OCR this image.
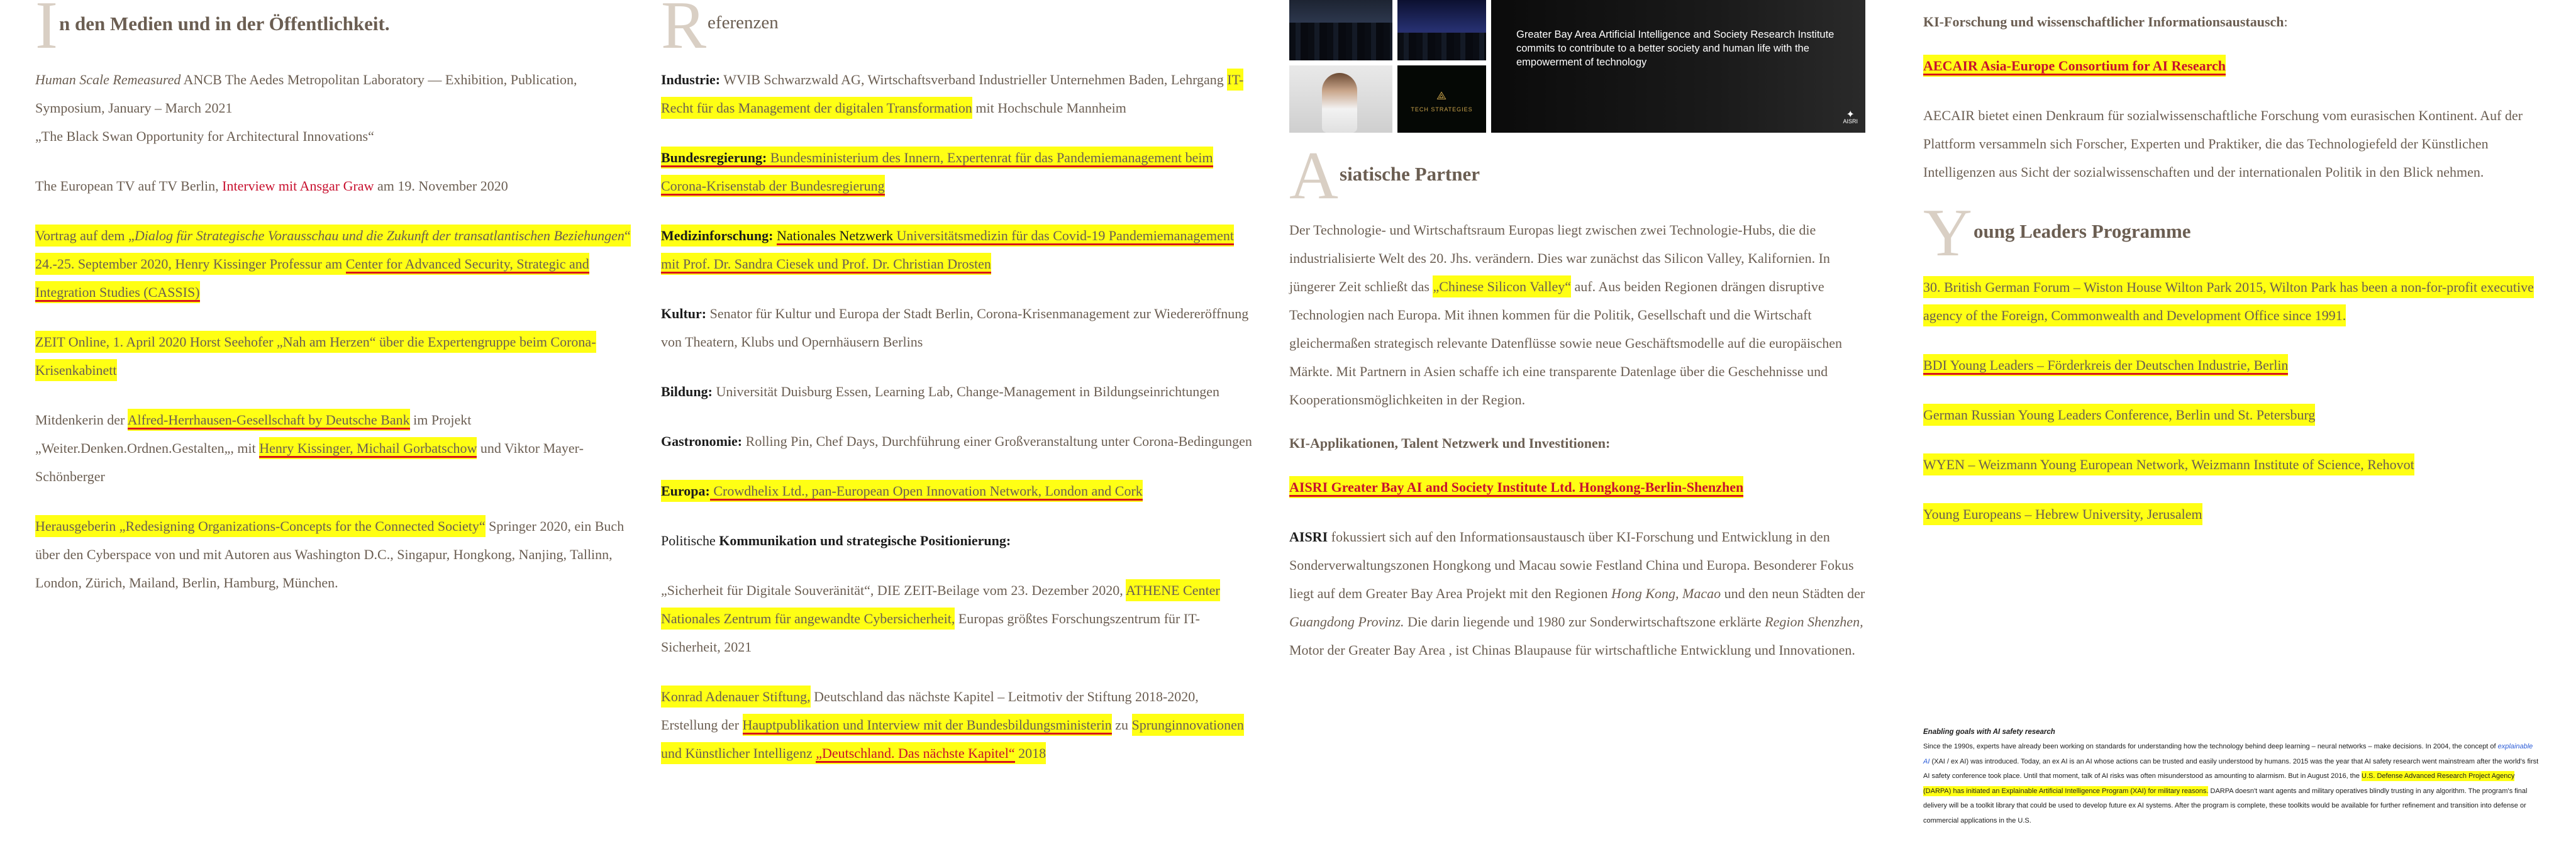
I n den Medien und in der Öffentlichkeit.

Human Scale Remeasured ANCB The Aedes Metropolitan Laboratory — Exhibition, Publication, Symposium, January – March 2021
„The Black Swan Opportunity for Architectural Innovations“

The European TV auf TV Berlin, Interview mit Ansgar Graw am 19. November 2020

Vortrag auf dem „Dialog für Strategische Vorausschau und die Zukunft der transatlantischen Beziehungen“ 24.-25. September 2020, Henry Kissinger Professur am Center for Advanced Security, Strategic and Integration Studies (CASSIS)

ZEIT Online, 1. April 2020 Horst Seehofer „Nah am Herzen“ über die Expertengruppe beim Corona-Krisenkabinett

Mitdenkerin der Alfred-Herrhausen-Gesellschaft by Deutsche Bank im Projekt „Weiter.Denken.Ordnen.Gestalten„, mit Henry Kissinger, Michail Gorbatschow und Viktor Mayer-Schönberger

Herausgeberin „Redesigning Organizations-Concepts for the Connected Society“ Springer 2020, ein Buch über den Cyberspace von und mit Autoren aus Washington D.C., Singapur, Hongkong, Nanjing, Tallinn, London, Zürich, Mailand, Berlin, Hamburg, München.

R eferenzen

Industrie: WVIB Schwarzwald AG, Wirtschaftsverband Industrieller Unternehmen Baden, Lehrgang IT-Recht für das Management der digitalen Transformation mit Hochschule Mannheim

Bundesregierung: Bundesministerium des Innern, Expertenrat für das Pandemiemanagement beim Corona-Krisenstab der Bundesregierung

Medizinforschung: Nationales Netzwerk Universitätsmedizin für das Covid-19 Pandemiemanagement mit Prof. Dr. Sandra Ciesek und Prof. Dr. Christian Drosten

Kultur: Senator für Kultur und Europa der Stadt Berlin, Corona-Krisenmanagement zur Wiedereröffnung von Theatern, Klubs und Opernhäusern Berlins

Bildung: Universität Duisburg Essen, Learning Lab, Change-Management in Bildungseinrichtungen

Gastronomie: Rolling Pin, Chef Days, Durchführung einer Großveranstaltung unter Corona-Bedingungen

Europa: Crowdhelix Ltd., pan-European Open Innovation Network, London and Cork

Politische Kommunikation und strategische Positionierung:

„Sicherheit für Digitale Souveränität“, DIE ZEIT-Beilage vom 23. Dezember 2020, ATHENE Center Nationales Zentrum für angewandte Cybersicherheit, Europas größtes Forschungszentrum für IT-Sicherheit, 2021

Konrad Adenauer Stiftung, Deutschland das nächste Kapitel – Leitmotiv der Stiftung 2018-2020, Erstellung der Hauptpublikation und Interview mit der Bundesbildungsministerin zu Sprunginnovationen und Künstlicher Intelligenz „Deutschland. Das nächste Kapitel“ 2018

⟁
TECH STRATEGIES
Greater Bay Area Artificial Intelligence and Society Research Institute commits to contribute to a better society and human life with the empowerment of technology
✦
AISRI
A siatische Partner

Der Technologie- und Wirtschaftsraum Europas liegt zwischen zwei Technologie-Hubs, die die industrialisierte Welt des 20. Jhs. verändern. Dies war zunächst das Silicon Valley, Kalifornien. In jüngerer Zeit schließt das „Chinese Silicon Valley“ auf. Aus beiden Regionen drängen disruptive Technologien nach Europa. Mit ihnen kommen für die Politik, Gesellschaft und die Wirtschaft gleichermaßen strategisch relevante Datenflüsse sowie neue Geschäftsmodelle auf die europäischen Märkte. Mit Partnern in Asien schaffe ich eine transparente Datenlage über die Geschehnisse und Kooperationsmöglichkeiten in der Region.

KI-Applikationen, Talent Netzwerk und Investitionen:

AISRI Greater Bay AI and Society Institute Ltd. Hongkong-Berlin-Shenzhen

AISRI fokussiert sich auf den Informationsaustausch über KI-Forschung und Entwicklung in den Sonderverwaltungszonen Hongkong und Macau sowie Festland China und Europa. Besonderer Fokus liegt auf dem Greater Bay Area Projekt mit den Regionen Hong Kong, Macao und den neun Städten der Guangdong Provinz. Die darin liegende und 1980 zur Sonderwirtschaftszone erklärte Region Shenzhen, Motor der Greater Bay Area , ist Chinas Blaupause für wirtschaftliche Entwicklung und Innovationen.

KI-Forschung und wissenschaftlicher Informationsaustausch:

AECAIR Asia-Europe Consortium for AI Research

AECAIR bietet einen Denkraum für sozialwissenschaftliche Forschung vom eurasischen Kontinent. Auf der Plattform versammeln sich Forscher, Experten und Praktiker, die das Technologiefeld der Künstlichen Intelligenzen aus Sicht der sozialwissenschaften und der internationalen Politik in den Blick nehmen.

Y oung Leaders Programme

30. British German Forum – Wiston House Wilton Park 2015, Wilton Park has been a non-for-profit executive agency of the Foreign, Commonwealth and Development Office since 1991.

BDI Young Leaders – Förderkreis der Deutschen Industrie, Berlin

German Russian Young Leaders Conference, Berlin und St. Petersburg

WYEN – Weizmann Young European Network, Weizmann Institute of Science, Rehovot

Young Europeans – Hebrew University, Jerusalem

Enabling goals with AI safety research
Since the 1990s, experts have already been working on standards for understanding how the technology behind deep learning – neural networks – make decisions. In 2004, the concept of explainable AI (XAI / ex AI) was introduced. Today, an ex AI is an AI whose actions can be trusted and easily understood by humans. 2015 was the year that AI safety research went mainstream after the world's first AI safety conference took place. Until that moment, talk of AI risks was often misunderstood as amounting to alarmism. But in August 2016, the U.S. Defense Advanced Research Project Agency (DARPA) has initiated an Explainable Artificial Intelligence Program (XAI) for military reasons. DARPA doesn't want agents and military operatives blindly trusting in any algorithm. The program's final delivery will be a toolkit library that could be used to develop future ex AI systems. After the program is complete, these toolkits would be available for further refinement and transition into defense or commercial applications in the U.S.
